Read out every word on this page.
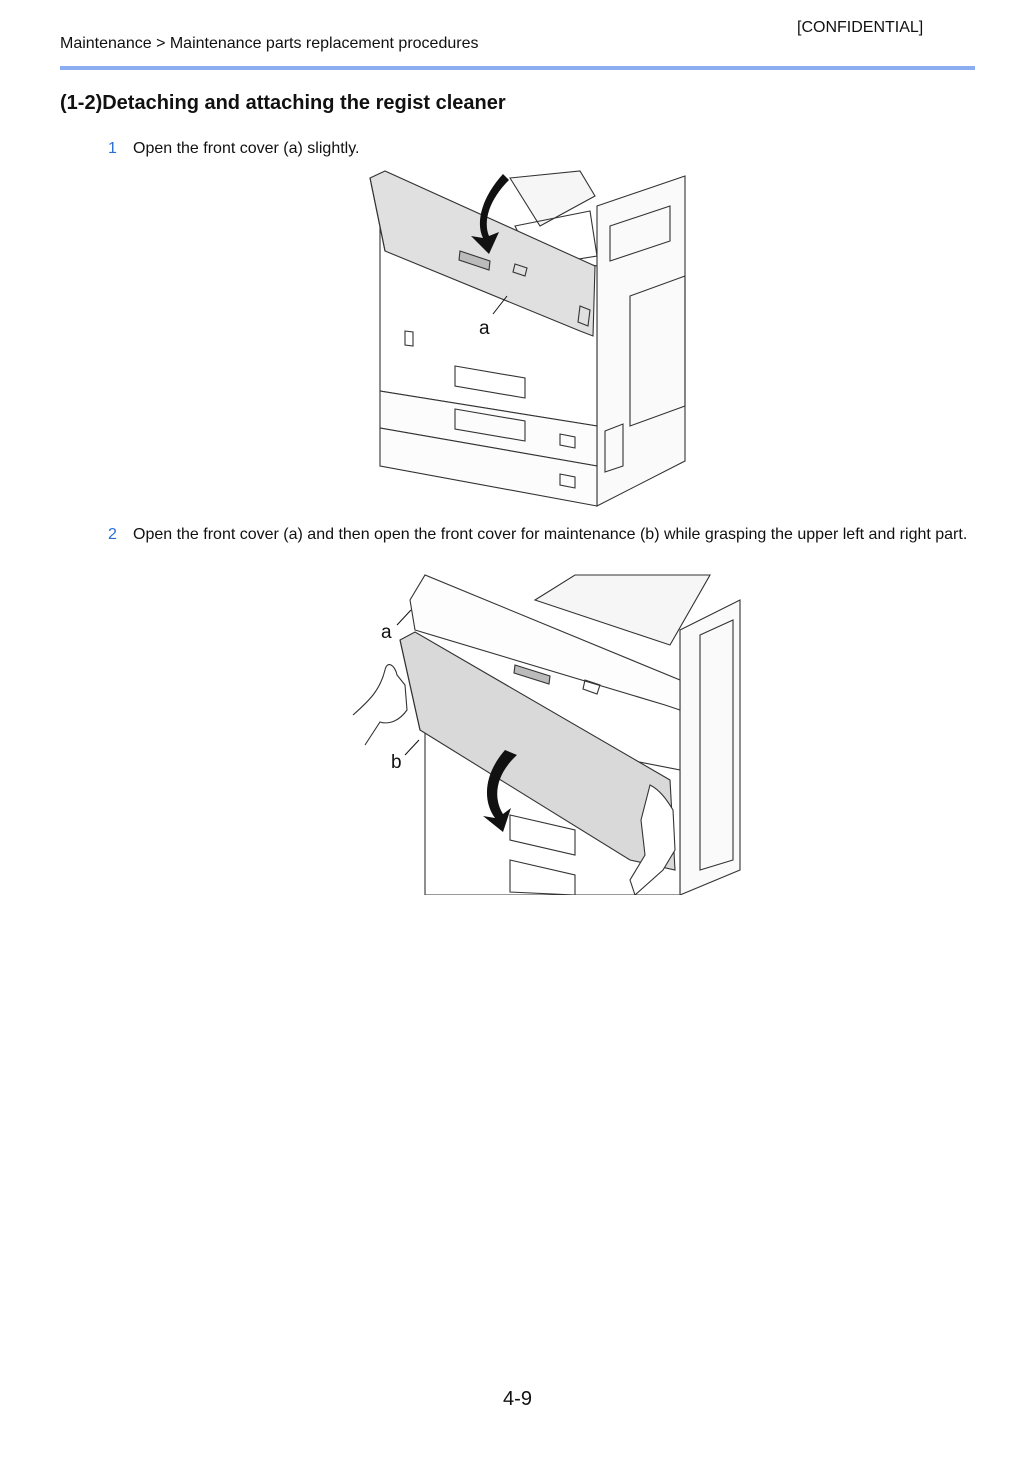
[CONFIDENTIAL]
Maintenance > Maintenance parts replacement procedures
(1-2)Detaching and attaching the regist cleaner
1	Open the front cover (a) slightly.
a
2	Open the front cover (a) and then open the front cover for maintenance (b) while grasping the upper left and right part.
a
b
4-9
